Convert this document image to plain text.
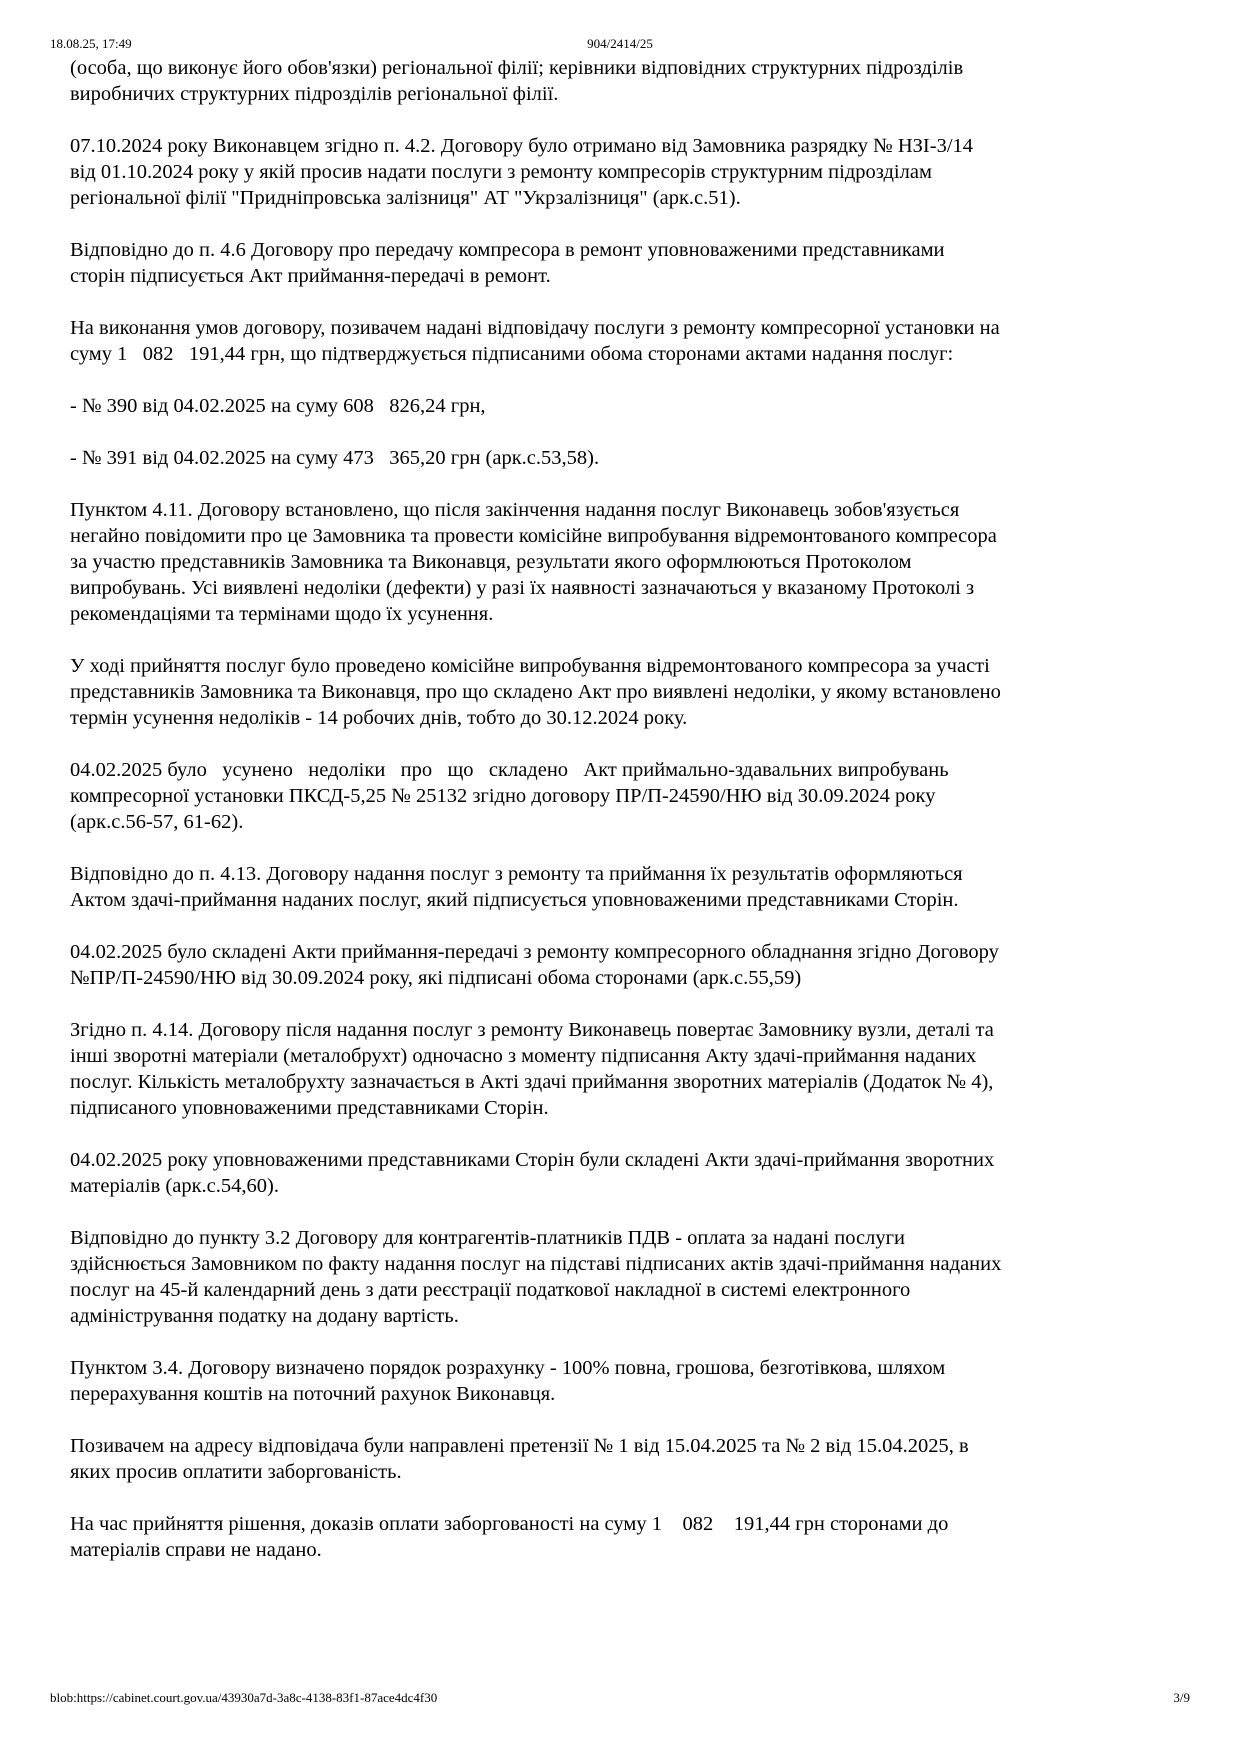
18.08.25, 17:49	904/2414/25

(особа, що виконує його обов'язки) регіональної філії; керівники відповідних структурних підрозділів
виробничих структурних підрозділів регіональної філії.

07.10.2024 року Виконавцем згідно п. 4.2. Договору було отримано від Замовника разрядку № НЗІ-3/14
від 01.10.2024 року у якій просив надати послуги з ремонту компресорів структурним підрозділам
регіональної філії "Придніпровська залізниця" АТ "Укрзалізниця" (арк.с.51).

Відповідно до п. 4.6 Договору про передачу компресора в ремонт уповноваженими представниками
сторін підписується Акт приймання-передачі в ремонт.

На виконання умов договору, позивачем надані відповідачу послуги з ремонту компресорної установки на
суму 1   082   191,44 грн, що підтверджується підписаними обома сторонами актами надання послуг:

- № 390 від 04.02.2025 на суму 608   826,24 грн,

- № 391 від 04.02.2025 на суму 473   365,20 грн (арк.с.53,58).

Пунктом 4.11. Договору встановлено, що після закінчення надання послуг Виконавець зобов'язується
негайно повідомити про це Замовника та провести комісійне випробування відремонтованого компресора
за участю представників Замовника та Виконавця, результати якого оформлюються Протоколом
випробувань. Усі виявлені недоліки (дефекти) у разі їх наявності зазначаються у вказаному Протоколі з
рекомендаціями та термінами щодо їх усунення.

У ході прийняття послуг було проведено комісійне випробування відремонтованого компресора за участі
представників Замовника та Виконавця, про що складено Акт про виявлені недоліки, у якому встановлено
термін усунення недоліків - 14 робочих днів, тобто до 30.12.2024 року.

04.02.2025 було   усунено   недоліки   про   що   складено   Акт приймально-здавальних випробувань
компресорної установки ПКСД-5,25 № 25132 згідно договору ПР/П-24590/НЮ від 30.09.2024 року
(арк.с.56-57, 61-62).

Відповідно до п. 4.13. Договору надання послуг з ремонту та приймання їх результатів оформляються
Актом здачі-приймання наданих послуг, який підписується уповноваженими представниками Сторін.

04.02.2025 було складені Акти приймання-передачі з ремонту компресорного обладнання згідно Договору
№ПР/П-24590/НЮ від 30.09.2024 року, які підписані обома сторонами (арк.с.55,59)

Згідно п. 4.14. Договору після надання послуг з ремонту Виконавець повертає Замовнику вузли, деталі та
інші зворотні матеріали (металобрухт) одночасно з моменту підписання Акту здачі-приймання наданих
послуг. Кількість металобрухту зазначається в Акті здачі приймання зворотних матеріалів (Додаток № 4),
підписаного уповноваженими представниками Сторін.

04.02.2025 року уповноваженими представниками Сторін були складені Акти здачі-приймання зворотних
матеріалів (арк.с.54,60).

Відповідно до пункту 3.2 Договору для контрагентів-платників ПДВ - оплата за надані послуги
здійснюється Замовником по факту надання послуг на підставі підписаних актів здачі-приймання наданих
послуг на 45-й календарний день з дати реєстрації податкової накладної в системі електронного
адміністрування податку на додану вартість.

Пунктом 3.4. Договору визначено порядок розрахунку - 100% повна, грошова, безготівкова, шляхом
перерахування коштів на поточний рахунок Виконавця.

Позивачем на адресу відповідача були направлені претензії № 1 від 15.04.2025 та № 2 від 15.04.2025, в
яких просив оплатити заборгованість.

На час прийняття рішення, доказів оплати заборгованості на суму 1    082    191,44 грн сторонами до
матеріалів справи не надано.

blob:https://cabinet.court.gov.ua/43930a7d-3a8c-4138-83f1-87ace4dc4f30	3/9
